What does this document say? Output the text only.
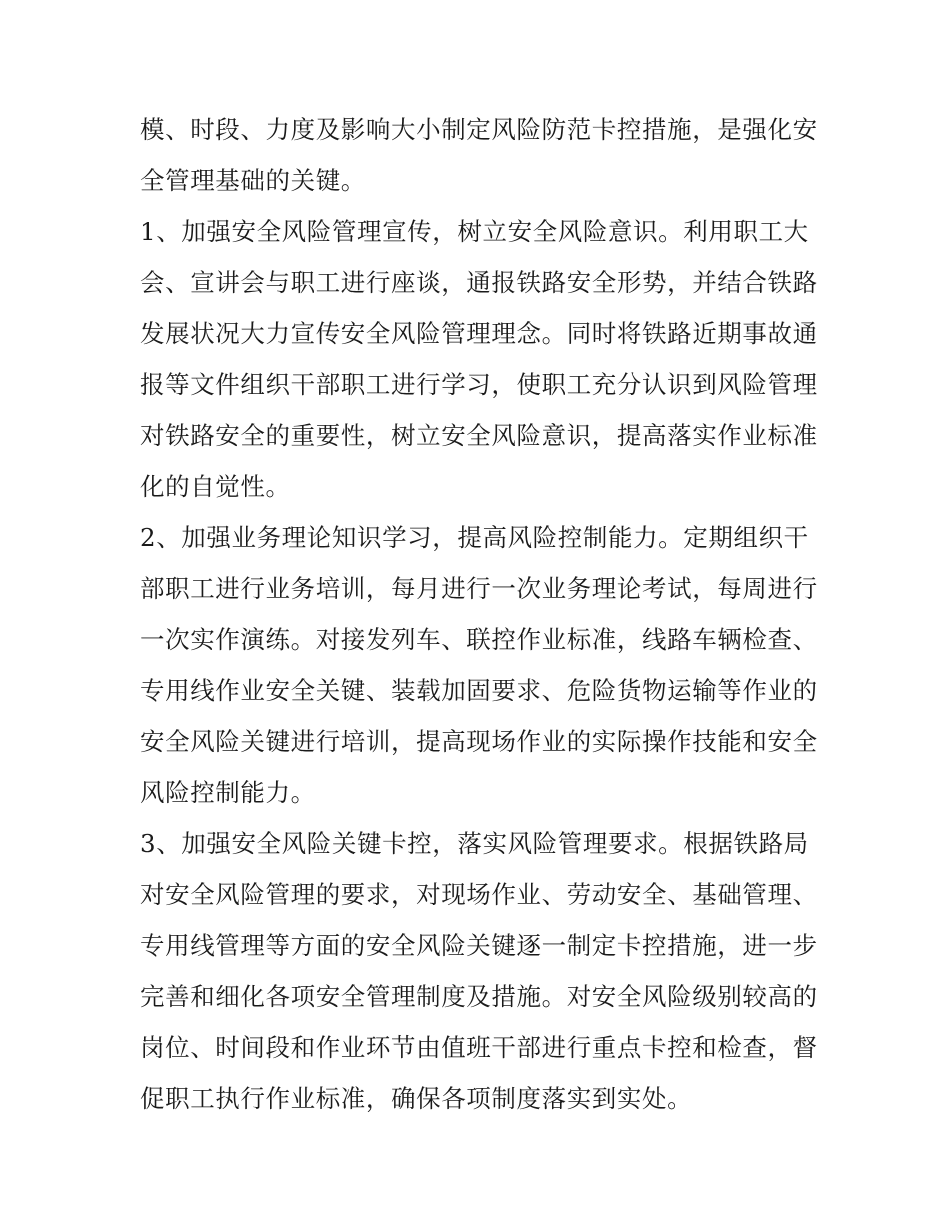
模、时段、力度及影响大小制定风险防范卡控措施，是强化安
全管理基础的关键。
1、加强安全风险管理宣传，树立安全风险意识。利用职工大
会、宣讲会与职工进行座谈，通报铁路安全形势，并结合铁路
发展状况大力宣传安全风险管理理念。同时将铁路近期事故通
报等文件组织干部职工进行学习，使职工充分认识到风险管理
对铁路安全的重要性，树立安全风险意识，提高落实作业标准
化的自觉性。
2、加强业务理论知识学习，提高风险控制能力。定期组织干
部职工进行业务培训，每月进行一次业务理论考试，每周进行
一次实作演练。对接发列车、联控作业标准，线路车辆检查、
专用线作业安全关键、装载加固要求、危险货物运输等作业的
安全风险关键进行培训，提高现场作业的实际操作技能和安全
风险控制能力。
3、加强安全风险关键卡控，落实风险管理要求。根据铁路局
对安全风险管理的要求，对现场作业、劳动安全、基础管理、
专用线管理等方面的安全风险关键逐一制定卡控措施，进一步
完善和细化各项安全管理制度及措施。对安全风险级别较高的
岗位、时间段和作业环节由值班干部进行重点卡控和检查，督
促职工执行作业标准，确保各项制度落实到实处。
